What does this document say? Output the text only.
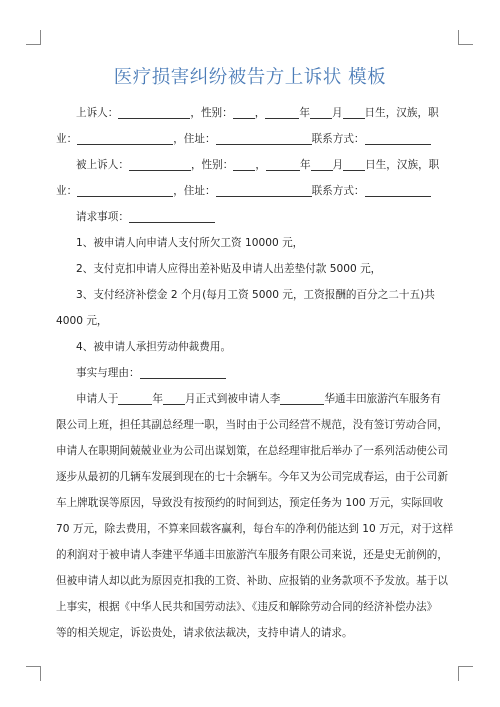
医疗损害纠纷被告方上诉状 模板
上诉人：	，性别： ，	年 月 日生，汉族，职
业：	，住址：	联系方式：
被上诉人：	，性别： ，	年 月 日生，汉族，职
业：	，住址：	联系方式：
请求事项：
1、被申请人向申请人支付所欠工资 10000 元，
2、支付克扣申请人应得出差补贴及申请人出差垫付款 5000 元，
3、支付经济补偿金 2 个月(每月工资 5000 元，工资报酬的百分之二十五)共
4000 元，
4、被申请人承担劳动仲裁费用。
事实与理由：
申请人于	年 月正式到被申请人李	华通丰田旅游汽车服务有
限公司上班，担任其副总经理一职，当时由于公司经营不规范，没有签订劳动合同，
申请人在职期间兢兢业业为公司出谋划策，在总经理审批后举办了一系列活动使公司
逐步从最初的几辆车发展到现在的七十余辆车。今年又为公司完成春运，由于公司新
车上牌耽误等原因，导致没有按预约的时间到达，预定任务为 100 万元，实际回收
70 万元，除去费用，不算来回载客赢利，每台车的净利仍能达到 10 万元，对于这样
的利润对于被申请人李建平华通丰田旅游汽车服务有限公司来说，还是史无前例的，
但被申请人却以此为原因克扣我的工资、补助、应报销的业务款项不予发放。基于以
上事实，根据《中华人民共和国劳动法》、《违反和解除劳动合同的经济补偿办法》
等的相关规定，诉讼贵处，请求依法裁决，支持申请人的请求。
